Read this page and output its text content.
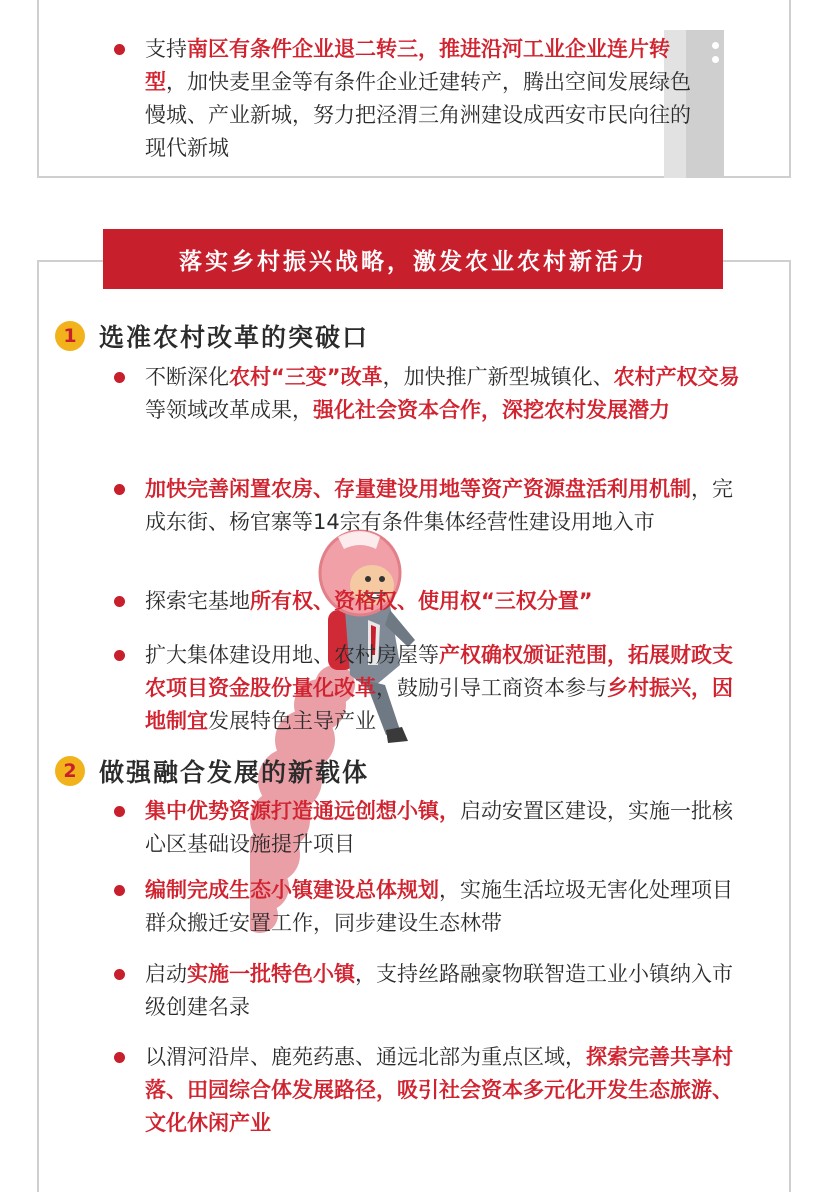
支持南区有条件企业退二转三，推进沿河工业企业连片转型，加快麦里金等有条件企业迁建转产，腾出空间发展绿色慢城、产业新城，努力把泾渭三角洲建设成西安市民向往的现代新城
落实乡村振兴战略，激发农业农村新活力
1 选准农村改革的突破口
不断深化农村“三变”改革，加快推广新型城镇化、农村产权交易等领域改革成果，强化社会资本合作，深挖农村发展潜力
加快完善闲置农房、存量建设用地等资产资源盘活利用机制，完成东街、杨官寨等14宗有条件集体经营性建设用地入市
探索宅基地所有权、资格权、使用权“三权分置”
扩大集体建设用地、农村房屋等产权确权颁证范围，拓展财政支农项目资金股份量化改革，鼓励引导工商资本参与乡村振兴，因地制宜发展特色主导产业
2 做强融合发展的新载体
集中优势资源打造通远创想小镇，启动安置区建设，实施一批核心区基础设施提升项目
编制完成生态小镇建设总体规划，实施生活垃圾无害化处理项目群众搬迁安置工作，同步建设生态林带
启动实施一批特色小镇，支持丝路融豪物联智造工业小镇纳入市级创建名录
以渭河沿岸、鹿苑药惠、通远北部为重点区域，探索完善共享村落、田园综合体发展路径，吸引社会资本多元化开发生态旅游、文化休闲产业
